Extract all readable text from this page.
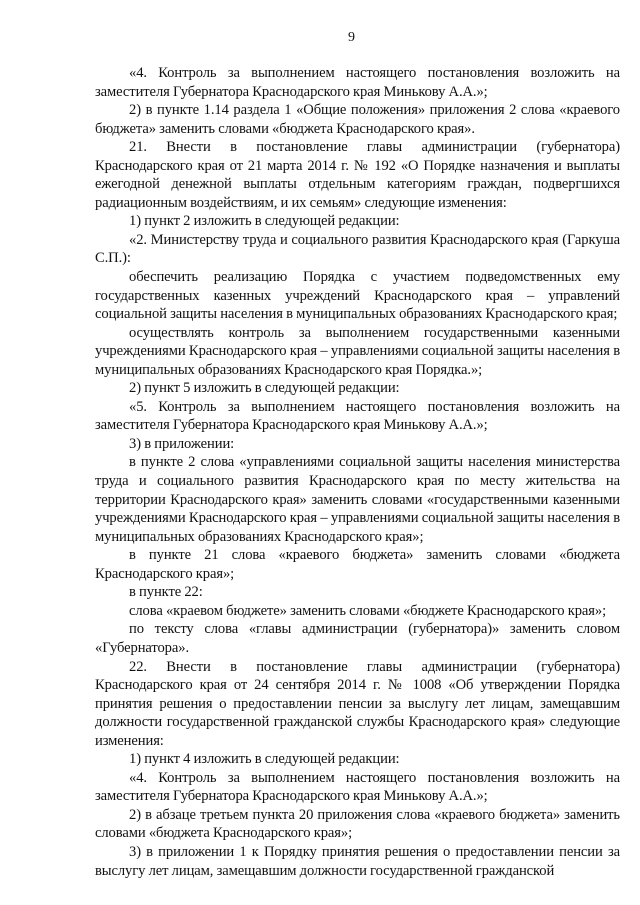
9

«4. Контроль за выполнением настоящего постановления возложить на заместителя Губернатора Краснодарского края Минькову А.А.»;

2) в пункте 1.14 раздела 1 «Общие положения» приложения 2 слова «краевого бюджета» заменить словами «бюджета Краснодарского края».

21. Внести в постановление главы администрации (губернатора) Краснодарского края от 21 марта 2014 г. № 192 «О Порядке назначения и выплаты ежегодной денежной выплаты отдельным категориям граждан, подвергшихся радиационным воздействиям, и их семьям» следующие изменения:

1) пункт 2 изложить в следующей редакции:

«2. Министерству труда и социального развития Краснодарского края (Гаркуша С.П.):

обеспечить реализацию Порядка с участием подведомственных ему государственных казенных учреждений Краснодарского края – управлений социальной защиты населения в муниципальных образованиях Краснодарского края;

осуществлять контроль за выполнением государственными казенными учреждениями Краснодарского края – управлениями социальной защиты населения в муниципальных образованиях Краснодарского края Порядка.»;

2) пункт 5 изложить в следующей редакции:

«5. Контроль за выполнением настоящего постановления возложить на заместителя Губернатора Краснодарского края Минькову А.А.»;

3) в приложении:

в пункте 2 слова «управлениями социальной защиты населения министерства труда и социального развития Краснодарского края по месту жительства на территории Краснодарского края» заменить словами «государственными казенными учреждениями Краснодарского края – управлениями социальной защиты населения в муниципальных образованиях Краснодарского края»;

в пункте 21 слова «краевого бюджета» заменить словами «бюджета Краснодарского края»;

в пункте 22:

слова «краевом бюджете» заменить словами «бюджете Краснодарского края»;

по тексту слова «главы администрации (губернатора)» заменить словом «Губернатора».

22. Внести в постановление главы администрации (губернатора) Краснодарского края от 24 сентября 2014 г. № 1008 «Об утверждении Порядка принятия решения о предоставлении пенсии за выслугу лет лицам, замещавшим должности государственной гражданской службы Краснодарского края» следующие изменения:

1) пункт 4 изложить в следующей редакции:

«4. Контроль за выполнением настоящего постановления возложить на заместителя Губернатора Краснодарского края Минькову А.А.»;

2) в абзаце третьем пункта 20 приложения слова «краевого бюджета» заменить словами «бюджета Краснодарского края»;

3) в приложении 1 к Порядку принятия решения о предоставлении пенсии за выслугу лет лицам, замещавшим должности государственной гражданской
